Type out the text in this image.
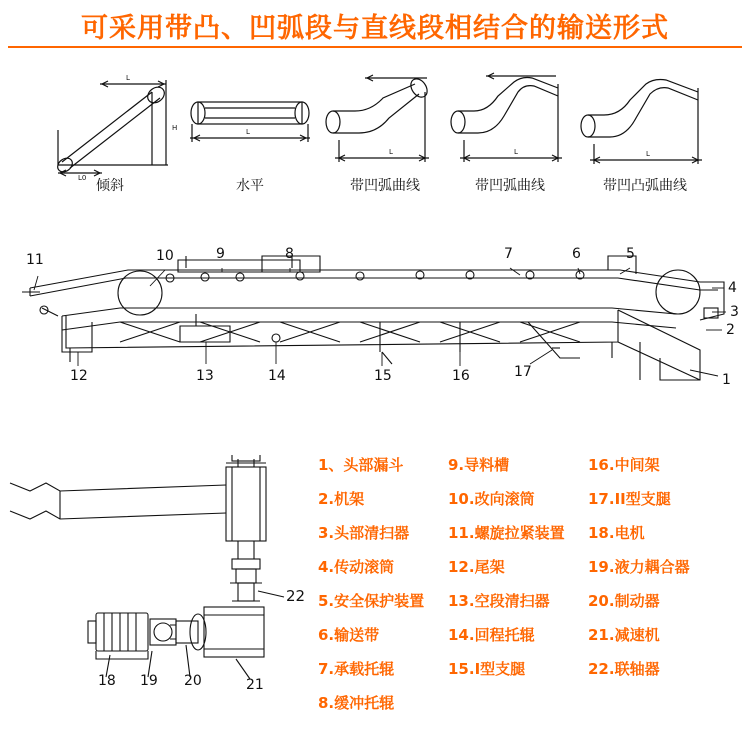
可采用带凸、凹弧段与直线段相结合的输送形式
L
L0
H
倾斜
L
水平
L
带凹弧曲线
L
带凹弧曲线
L
带凹凸弧曲线
11	10	9	8	7	6	5
4
3
2
1
12	13	14	15	16	17
18 19 20	21
22
1、头部漏斗
2.机架
3.头部清扫器
4.传动滚筒
5.安全保护装置
6.输送带
7.承载托辊
8.缓冲托辊
9.导料槽
10.改向滚筒
11.螺旋拉紧装置
12.尾架
13.空段清扫器
14.回程托辊
15.I型支腿
16.中间架
17.II型支腿
18.电机
19.液力耦合器
20.制动器
21.减速机
22.联轴器
